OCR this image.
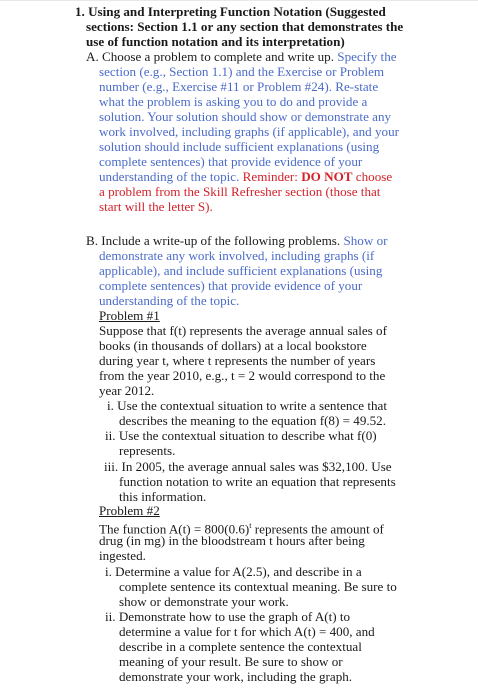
1. Using and Interpreting Function Notation (Suggested
sections: Section 1.1 or any section that demonstrates the
use of function notation and its interpretation)
A. Choose a problem to complete and write up. Specify the
section (e.g., Section 1.1) and the Exercise or Problem
number (e.g., Exercise #11 or Problem #24). Re-state
what the problem is asking you to do and provide a
solution. Your solution should show or demonstrate any
work involved, including graphs (if applicable), and your
solution should include sufficient explanations (using
complete sentences) that provide evidence of your
understanding of the topic. Reminder: DO NOT choose
a problem from the Skill Refresher section (those that
start will the letter S).
B. Include a write-up of the following problems. Show or
demonstrate any work involved, including graphs (if
applicable), and include sufficient explanations (using
complete sentences) that provide evidence of your
understanding of the topic.
Problem #1
Suppose that f(t) represents the average annual sales of
books (in thousands of dollars) at a local bookstore
during year t, where t represents the number of years
from the year 2010, e.g., t = 2 would correspond to the
year 2012.
i. Use the contextual situation to write a sentence that
describes the meaning to the equation f(8) = 49.52.
ii. Use the contextual situation to describe what f(0)
represents.
iii. In 2005, the average annual sales was $32,100. Use
function notation to write an equation that represents
this information.
Problem #2
The function $A(t) = 800(0.6)^t$ represents the amount of
drug (in mg) in the bloodstream t hours after being
ingested.
i. Determine a value for A(2.5), and describe in a
complete sentence its contextual meaning. Be sure to
show or demonstrate your work.
ii. Demonstrate how to use the graph of A(t) to
determine a value for t for which A(t) = 400, and
describe in a complete sentence the contextual
meaning of your result. Be sure to show or
demonstrate your work, including the graph.
